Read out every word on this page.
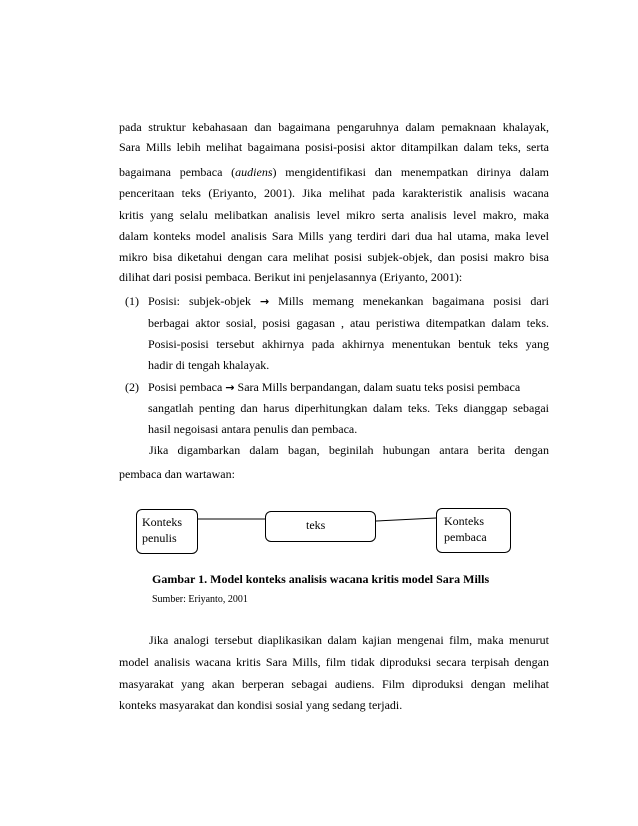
pada struktur kebahasaan dan bagaimana pengaruhnya dalam pemaknaan khalayak,
Sara Mills lebih melihat bagaimana posisi-posisi aktor ditampilkan dalam teks, serta
bagaimana pembaca (audiens) mengidentifikasi dan menempatkan dirinya dalam
penceritaan teks (Eriyanto, 2001). Jika melihat pada karakteristik analisis wacana
kritis yang selalu melibatkan analisis level mikro serta analisis level makro, maka
dalam konteks model analisis Sara Mills yang terdiri dari dua hal utama, maka level
mikro bisa diketahui dengan cara melihat posisi subjek-objek, dan posisi makro bisa
dilihat dari posisi pembaca. Berikut ini penjelasannya (Eriyanto, 2001):
(1) Posisi: subjek-objek → Mills memang menekankan bagaimana posisi dari
berbagai aktor sosial, posisi gagasan , atau peristiwa ditempatkan dalam teks.
Posisi-posisi tersebut akhirnya pada akhirnya menentukan bentuk teks yang
hadir di tengah khalayak.
(2) Posisi pembaca → Sara Mills berpandangan, dalam suatu teks posisi pembaca
sangatlah penting dan harus diperhitungkan dalam teks. Teks dianggap sebagai
hasil negoisasi antara penulis dan pembaca.
Jika digambarkan dalam bagan, beginilah hubungan antara berita dengan
pembaca dan wartawan:
Konteks
penulis
teks	Konteks
pembaca
Gambar 1. Model konteks analisis wacana kritis model Sara Mills
Sumber: Eriyanto, 2001
Jika analogi tersebut diaplikasikan dalam kajian mengenai film, maka menurut
model analisis wacana kritis Sara Mills, film tidak diproduksi secara terpisah dengan
masyarakat yang akan berperan sebagai audiens. Film diproduksi dengan melihat
konteks masyarakat dan kondisi sosial yang sedang terjadi.
